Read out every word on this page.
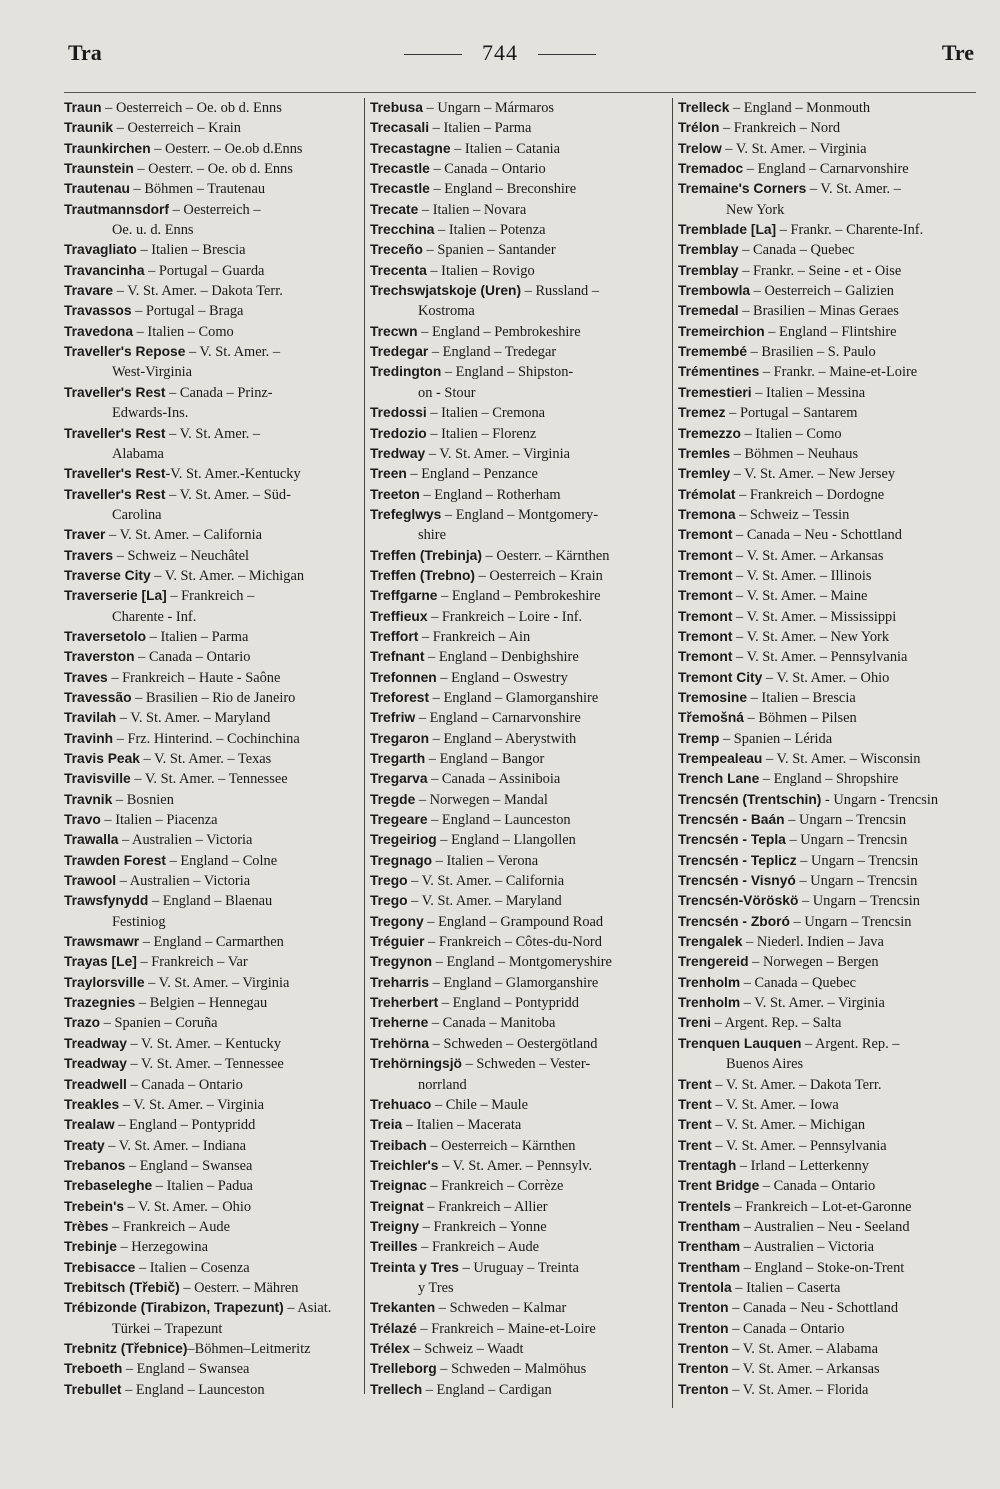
Tra	744	Tre
Traun – Oesterreich – Oe. ob d. Enns
Traunik – Oesterreich – Krain
Traunkirchen – Oesterr. – Oe.ob d.Enns
Traunstein – Oesterr. – Oe. ob d. Enns
Trautenau – Böhmen – Trautenau
Trautmannsdorf – Oesterreich –
Oe. u. d. Enns
Travagliato – Italien – Brescia
Travancinha – Portugal – Guarda
Travare – V. St. Amer. – Dakota Terr.
Travassos – Portugal – Braga
Travedona – Italien – Como
Traveller's Repose – V. St. Amer. –
West-Virginia
Traveller's Rest – Canada – Prinz-
Edwards-Ins.
Traveller's Rest – V. St. Amer. –
Alabama
Traveller's Rest-V. St. Amer.-Kentucky
Traveller's Rest – V. St. Amer. – Süd-
Carolina
Traver – V. St. Amer. – California
Travers – Schweiz – Neuchâtel
Traverse City – V. St. Amer. – Michigan
Traverserie [La] – Frankreich –
Charente - Inf.
Traversetolo – Italien – Parma
Traverston – Canada – Ontario
Traves – Frankreich – Haute - Saône
Travessão – Brasilien – Rio de Janeiro
Travilah – V. St. Amer. – Maryland
Travinh – Frz. Hinterind. – Cochinchina
Travis Peak – V. St. Amer. – Texas
Travisville – V. St. Amer. – Tennessee
Travnik – Bosnien
Travo – Italien – Piacenza
Trawalla – Australien – Victoria
Trawden Forest – England – Colne
Trawool – Australien – Victoria
Trawsfynydd – England – Blaenau
Festiniog
Trawsmawr – England – Carmarthen
Trayas [Le] – Frankreich – Var
Traylorsville – V. St. Amer. – Virginia
Trazegnies – Belgien – Hennegau
Trazo – Spanien – Coruña
Treadway – V. St. Amer. – Kentucky
Treadway – V. St. Amer. – Tennessee
Treadwell – Canada – Ontario
Treakles – V. St. Amer. – Virginia
Trealaw – England – Pontypridd
Treaty – V. St. Amer. – Indiana
Trebanos – England – Swansea
Trebaseleghe – Italien – Padua
Trebein's – V. St. Amer. – Ohio
Trèbes – Frankreich – Aude
Trebinje – Herzegowina
Trebisacce – Italien – Cosenza
Trebitsch (Třebič) – Oesterr. – Mähren
Trébizonde (Tirabizon, Trapezunt) – Asiat.
Türkei – Trapezunt
Trebnitz (Třebnice)–Böhmen–Leitmeritz
Treboeth – England – Swansea
Trebullet – England – Launceston
Trebusa – Ungarn – Mármaros
Trecasali – Italien – Parma
Trecastagne – Italien – Catania
Trecastle – Canada – Ontario
Trecastle – England – Breconshire
Trecate – Italien – Novara
Trecchina – Italien – Potenza
Treceño – Spanien – Santander
Trecenta – Italien – Rovigo
Trechswjatskoje (Uren) – Russland –
Kostroma
Trecwn – England – Pembrokeshire
Tredegar – England – Tredegar
Tredington – England – Shipston-
on - Stour
Tredossi – Italien – Cremona
Tredozio – Italien – Florenz
Tredway – V. St. Amer. – Virginia
Treen – England – Penzance
Treeton – England – Rotherham
Trefeglwys – England – Montgomery-
shire
Treffen (Trebinja) – Oesterr. – Kärnthen
Treffen (Trebno) – Oesterreich – Krain
Treffgarne – England – Pembrokeshire
Treffieux – Frankreich – Loire - Inf.
Treffort – Frankreich – Ain
Trefnant – England – Denbighshire
Trefonnen – England – Oswestry
Treforest – England – Glamorganshire
Trefriw – England – Carnarvonshire
Tregaron – England – Aberystwith
Tregarth – England – Bangor
Tregarva – Canada – Assiniboia
Tregde – Norwegen – Mandal
Tregeare – England – Launceston
Tregeiriog – England – Llangollen
Tregnago – Italien – Verona
Trego – V. St. Amer. – California
Trego – V. St. Amer. – Maryland
Tregony – England – Grampound Road
Tréguier – Frankreich – Côtes-du-Nord
Tregynon – England – Montgomeryshire
Treharris – England – Glamorganshire
Treherbert – England – Pontypridd
Treherne – Canada – Manitoba
Trehörna – Schweden – Oestergötland
Trehörningsjö – Schweden – Vester-
norrland
Trehuaco – Chile – Maule
Treia – Italien – Macerata
Treibach – Oesterreich – Kärnthen
Treichler's – V. St. Amer. – Pennsylv.
Treignac – Frankreich – Corrèze
Treignat – Frankreich – Allier
Treigny – Frankreich – Yonne
Treilles – Frankreich – Aude
Treinta y Tres – Uruguay – Treinta
y Tres
Trekanten – Schweden – Kalmar
Trélazé – Frankreich – Maine-et-Loire
Trélex – Schweiz – Waadt
Trelleborg – Schweden – Malmöhus
Trellech – England – Cardigan
Trelleck – England – Monmouth
Trélon – Frankreich – Nord
Trelow – V. St. Amer. – Virginia
Tremadoc – England – Carnarvonshire
Tremaine's Corners – V. St. Amer. –
New York
Tremblade [La] – Frankr. – Charente-Inf.
Tremblay – Canada – Quebec
Tremblay – Frankr. – Seine - et - Oise
Trembowla – Oesterreich – Galizien
Tremedal – Brasilien – Minas Geraes
Tremeirchion – England – Flintshire
Tremembé – Brasilien – S. Paulo
Trémentines – Frankr. – Maine-et-Loire
Tremestieri – Italien – Messina
Tremez – Portugal – Santarem
Tremezzo – Italien – Como
Tremles – Böhmen – Neuhaus
Tremley – V. St. Amer. – New Jersey
Trémolat – Frankreich – Dordogne
Tremona – Schweiz – Tessin
Tremont – Canada – Neu - Schottland
Tremont – V. St. Amer. – Arkansas
Tremont – V. St. Amer. – Illinois
Tremont – V. St. Amer. – Maine
Tremont – V. St. Amer. – Mississippi
Tremont – V. St. Amer. – New York
Tremont – V. St. Amer. – Pennsylvania
Tremont City – V. St. Amer. – Ohio
Tremosine – Italien – Brescia
Třemošná – Böhmen – Pilsen
Tremp – Spanien – Lérida
Trempealeau – V. St. Amer. – Wisconsin
Trench Lane – England – Shropshire
Trencsén (Trentschin) - Ungarn - Trencsin
Trencsén - Baán – Ungarn – Trencsin
Trencsén - Tepla – Ungarn – Trencsin
Trencsén - Teplicz – Ungarn – Trencsin
Trencsén - Visnyó – Ungarn – Trencsin
Trencsén-Vöröskö – Ungarn – Trencsin
Trencsén - Zboró – Ungarn – Trencsin
Trengalek – Niederl. Indien – Java
Trengereid – Norwegen – Bergen
Trenholm – Canada – Quebec
Trenholm – V. St. Amer. – Virginia
Treni – Argent. Rep. – Salta
Trenquen Lauquen – Argent. Rep. –
Buenos Aires
Trent – V. St. Amer. – Dakota Terr.
Trent – V. St. Amer. – Iowa
Trent – V. St. Amer. – Michigan
Trent – V. St. Amer. – Pennsylvania
Trentagh – Irland – Letterkenny
Trent Bridge – Canada – Ontario
Trentels – Frankreich – Lot-et-Garonne
Trentham – Australien – Neu - Seeland
Trentham – Australien – Victoria
Trentham – England – Stoke-on-Trent
Trentola – Italien – Caserta
Trenton – Canada – Neu - Schottland
Trenton – Canada – Ontario
Trenton – V. St. Amer. – Alabama
Trenton – V. St. Amer. – Arkansas
Trenton – V. St. Amer. – Florida
